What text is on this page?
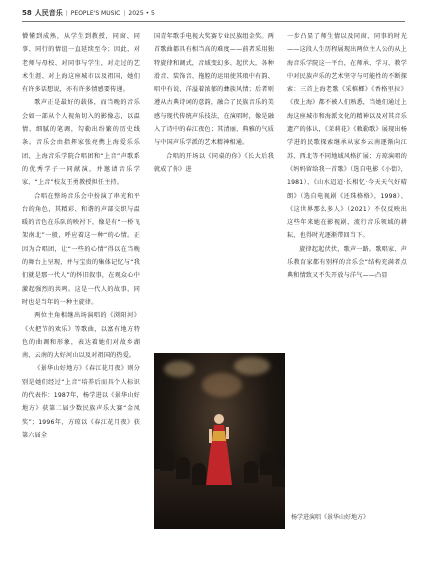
58 人民音乐 | PEOPLE'S MUSIC | 2025 • 5

懵懂到成熟，从学生到教授，同窗、同事、同行的情谊一直延续至今；因此，对老师与母校、对同事与学生，对走过的艺术生涯、对上海这座城市以及祖国，她们有许多话想说，亦有许多情感要传递。

歌声正是最好的载体，而当晚的音乐会如一部从个人视角切入的影像志，以温情、细腻的笔调，勾勒出纷繁的历史线条。音乐会由指挥家张亮携上海爱乐乐团、上海音乐学院合唱团和“上音”声歌系的优秀学子一同献演，并邀请音乐学家、“上音”校友王勇教授担任主持。

合唱在整场音乐会中扮演了串光和平台的角色，其精彩、和谐的声部交织与温暖的音色在乐队的映衬下，像是有“一桥飞架南北”一般，呼应着这一种“的心情。正因为合唱团，让“一些的心情”得以在当晚的舞台上呈现，并与宝贵的集体记忆与“我们就是那一代人”的怀旧叙事，在观众心中激起强烈的共鸣。这是一代人的故事，同时也是当年的一种主旋律。

两位主角相继出场演唱的《浏阳河》《火把节的欢乐》等歌曲，以富有地方特色的曲调和形象，表达着她们对故乡湖南、云南的大好河山以及对祖国的热爱。

《景华山好地方》《春江花月夜》则分别是她们经过“上音”培养后而具个人标识的代表作：1987年，杨学进以《景华山好地方》获第二届少数民族声乐大赛“金凤奖”；1996年，方琼以《春江花月夜》获第六届全

国青年歌手电视大奖赛专业民族组金奖。两首歌曲都具有相当高的难度——前者采用独特旋律和调式，音域变幻多、起伏大，各种滑音、装饰音、拖腔的运用使其琅中有韵、唱中有说，洋溢着浓郁的彝族风情；后者则遵从古典诗词的意韵，融合了民族音乐的美感与现代传统声乐技法，在演唱时，像是融入了诗中的春江夜色；其清丽、典雅的气质与中国声乐学派的艺术精神相通。

合唱的开场以《同桌的你》《长大后我就成了你》进

一步凸显了师生情以及同窗、同事的时光——这段人生历程展现出两位主人公的从上海音乐学院这一平台，在师承、学习、教学中对民族声乐的艺术坚守与可能性的不断探索：三首上海老歌《采槟榔》《香格里拉》《夜上海》都不被人们熟悉，当她们通过上海这座城市和海派文化的精神以及对其音乐遗产的体认，《茉莉花》《敕勒歌》展现出杨学进的民歌探索继承从家乡云南逐渐向江苏、西北等不同地域风格扩展；方琼演唱的《妈妈留给我一首歌》（选自电影《小街》，1981）、《山水迢迢·长相忆·今天天气好晴朗》（选自电视剧《还珠格格》，1998）、《这世界那么多人》（2021）不仅反映出这些年来她在影视剧、流行音乐领域的耕耘，也得时光逐渐带回当下。

旋律起起伏伏，歌声一路。歌唱家、声乐教育家都有别样的音乐会“结构充满者点典和情致又不失开放与洋气——凸显

杨学进演唱《景华山好地方》
